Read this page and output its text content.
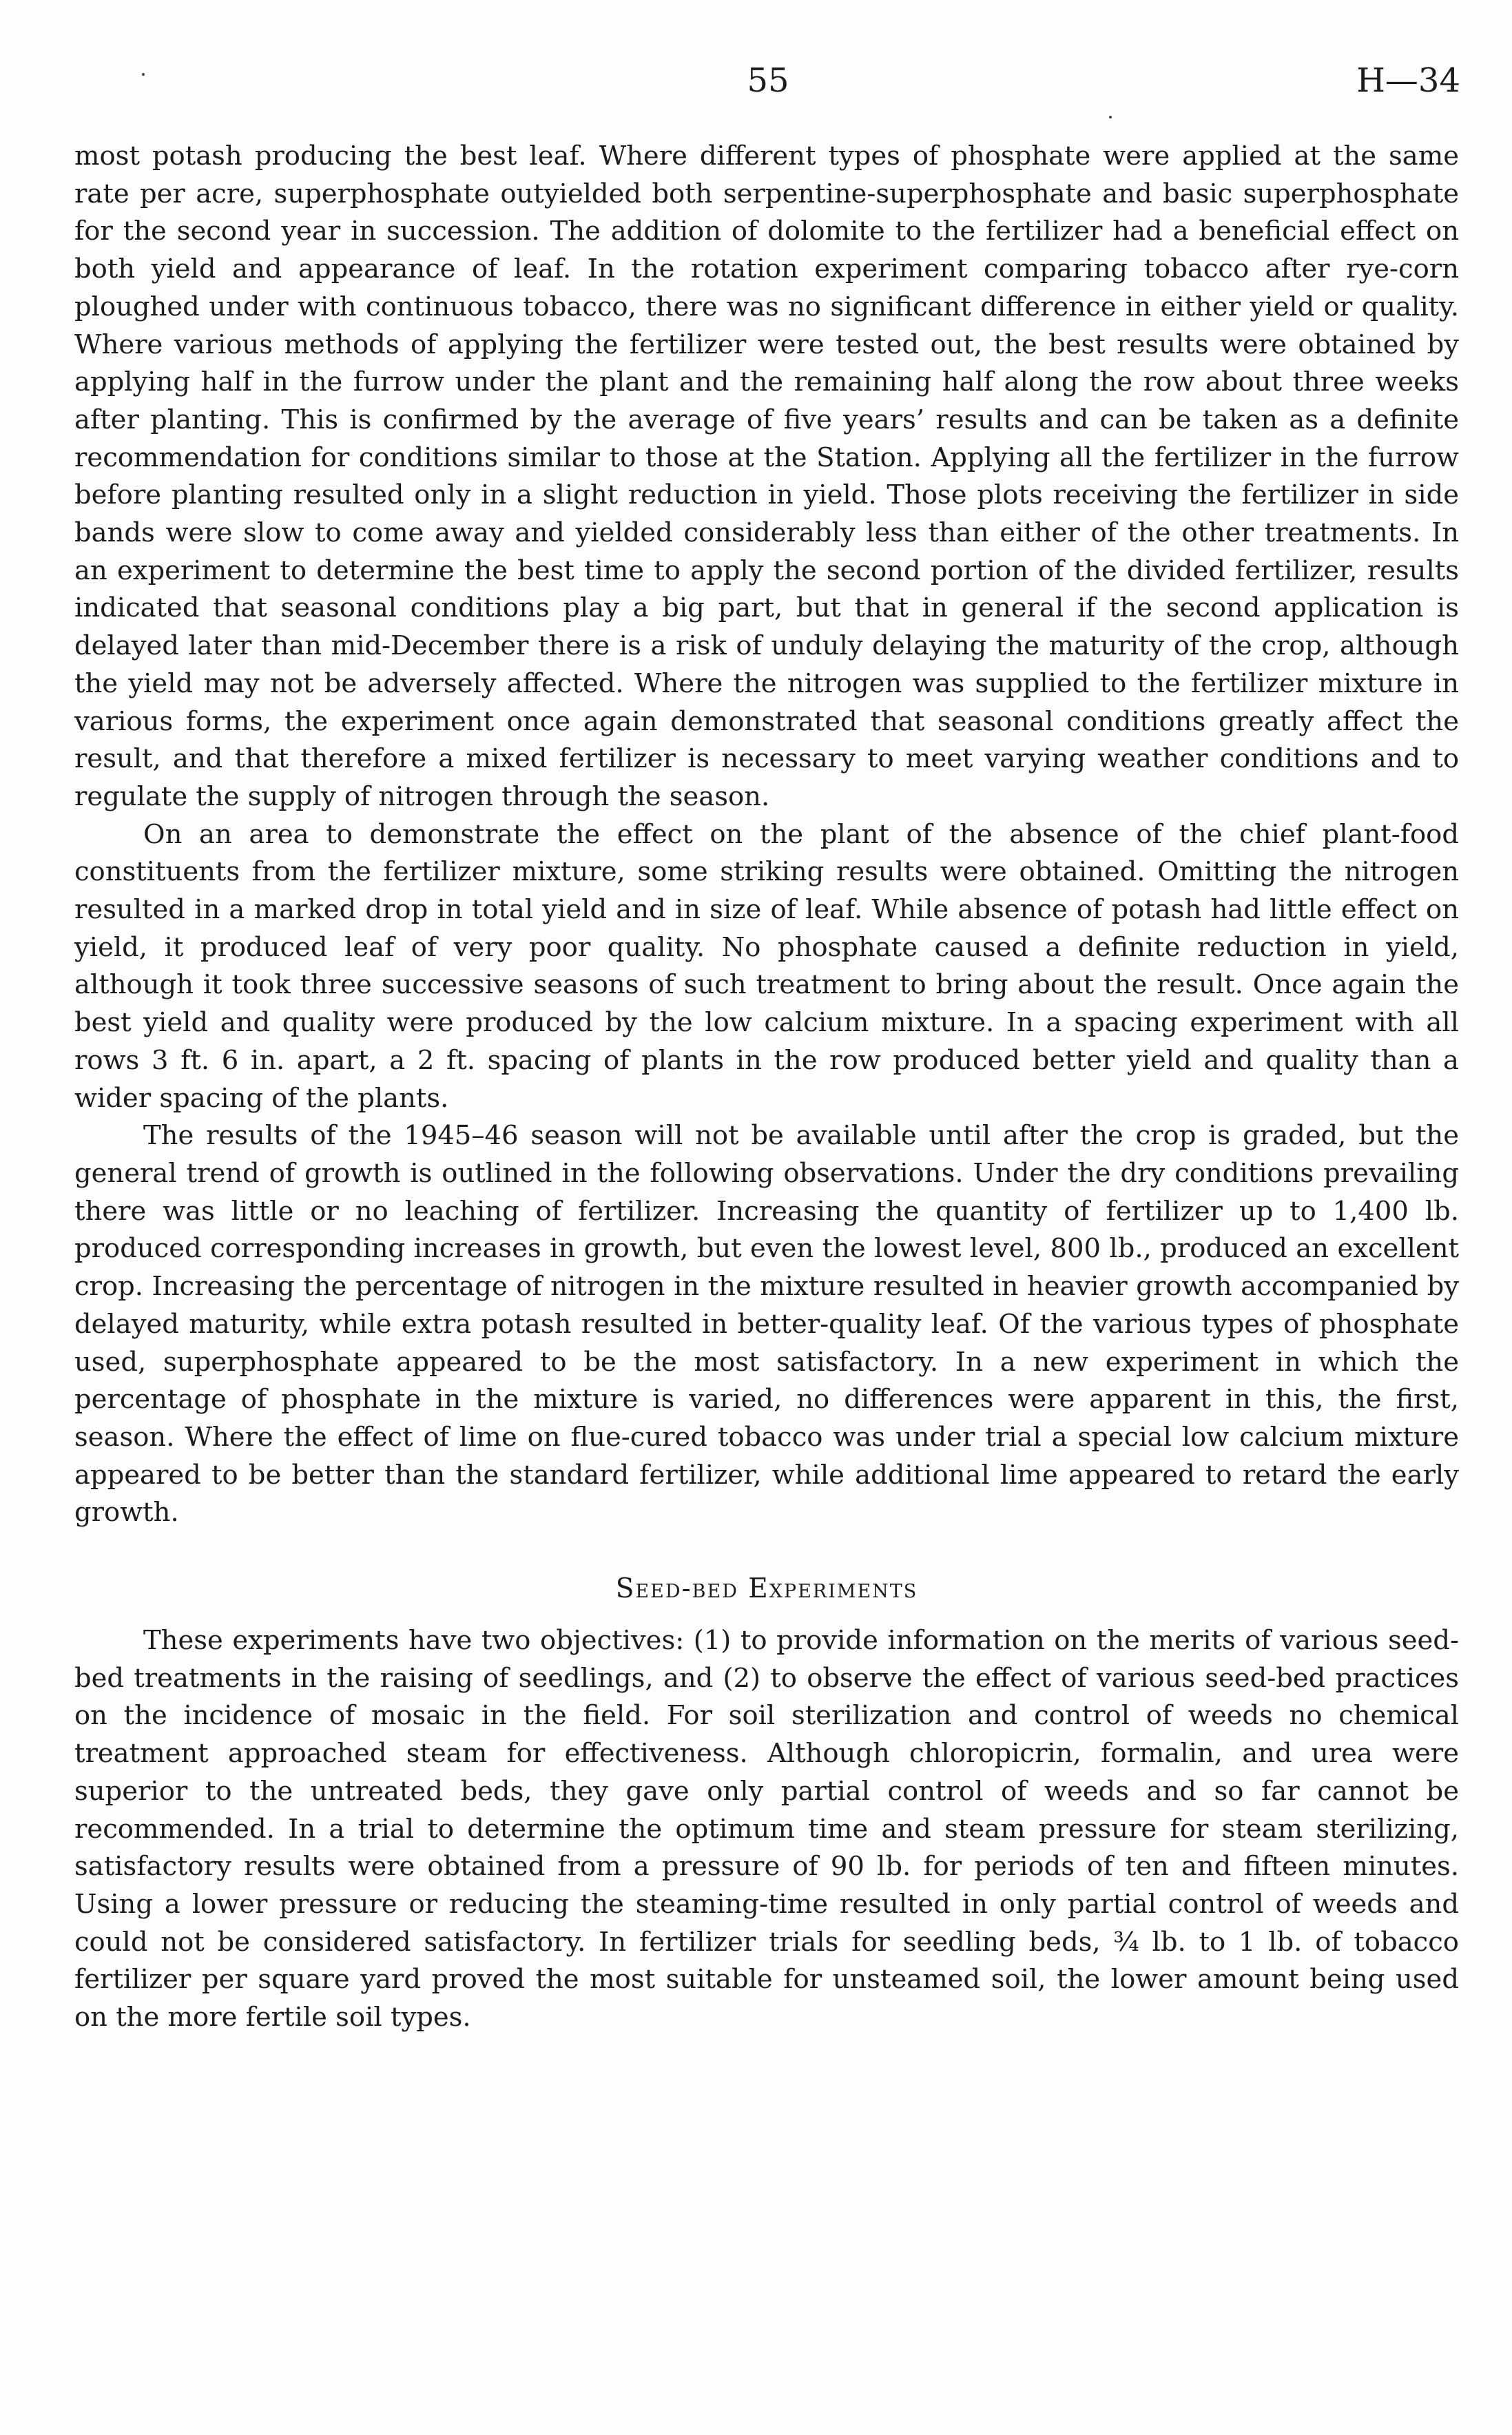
55	H—34

most potash producing the best leaf. Where different types of phosphate were applied at the same rate per acre, superphosphate outyielded both serpentine-superphosphate and basic superphosphate for the second year in succession. The addition of dolomite to the fertilizer had a beneficial effect on both yield and appearance of leaf. In the rotation experiment comparing tobacco after rye-corn ploughed under with continuous tobacco, there was no significant difference in either yield or quality. Where various methods of applying the fertilizer were tested out, the best results were obtained by applying half in the furrow under the plant and the remaining half along the row about three weeks after planting. This is confirmed by the average of five years’ results and can be taken as a definite recommendation for conditions similar to those at the Station. Applying all the fertilizer in the furrow before planting resulted only in a slight reduction in yield. Those plots receiving the fertilizer in side bands were slow to come away and yielded considerably less than either of the other treatments. In an experiment to determine the best time to apply the second portion of the divided fertilizer, results indicated that seasonal conditions play a big part, but that in general if the second application is delayed later than mid-December there is a risk of unduly delaying the maturity of the crop, although the yield may not be adversely affected. Where the nitrogen was supplied to the fertilizer mixture in various forms, the experiment once again demonstrated that seasonal conditions greatly affect the result, and that therefore a mixed fertilizer is necessary to meet varying weather conditions and to regulate the supply of nitrogen through the season.

On an area to demonstrate the effect on the plant of the absence of the chief plant-food constituents from the fertilizer mixture, some striking results were obtained. Omitting the nitrogen resulted in a marked drop in total yield and in size of leaf. While absence of potash had little effect on yield, it produced leaf of very poor quality. No phosphate caused a definite reduction in yield, although it took three successive seasons of such treatment to bring about the result. Once again the best yield and quality were produced by the low calcium mixture. In a spacing experiment with all rows 3 ft. 6 in. apart, a 2 ft. spacing of plants in the row produced better yield and quality than a wider spacing of the plants.

The results of the 1945–46 season will not be available until after the crop is graded, but the general trend of growth is outlined in the following observations. Under the dry conditions prevailing there was little or no leaching of fertilizer. Increasing the quantity of fertilizer up to 1,400 lb. produced corresponding increases in growth, but even the lowest level, 800 lb., produced an excellent crop. Increasing the percentage of nitrogen in the mixture resulted in heavier growth accompanied by delayed maturity, while extra potash resulted in better-quality leaf. Of the various types of phosphate used, superphosphate appeared to be the most satisfactory. In a new experiment in which the percentage of phosphate in the mixture is varied, no differences were apparent in this, the first, season. Where the effect of lime on flue-cured tobacco was under trial a special low calcium mixture appeared to be better than the standard fertilizer, while additional lime appeared to retard the early growth.

Seed-bed Experiments

These experiments have two objectives: (1) to provide information on the merits of various seed-bed treatments in the raising of seedlings, and (2) to observe the effect of various seed-bed practices on the incidence of mosaic in the field. For soil sterilization and control of weeds no chemical treatment approached steam for effectiveness. Although chloropicrin, formalin, and urea were superior to the untreated beds, they gave only partial control of weeds and so far cannot be recommended. In a trial to determine the optimum time and steam pressure for steam sterilizing, satisfactory results were obtained from a pressure of 90 lb. for periods of ten and fifteen minutes. Using a lower pressure or reducing the steaming-time resulted in only partial control of weeds and could not be considered satisfactory. In fertilizer trials for seedling beds, ¾ lb. to 1 lb. of tobacco fertilizer per square yard proved the most suitable for unsteamed soil, the lower amount being used on the more fertile soil types.
